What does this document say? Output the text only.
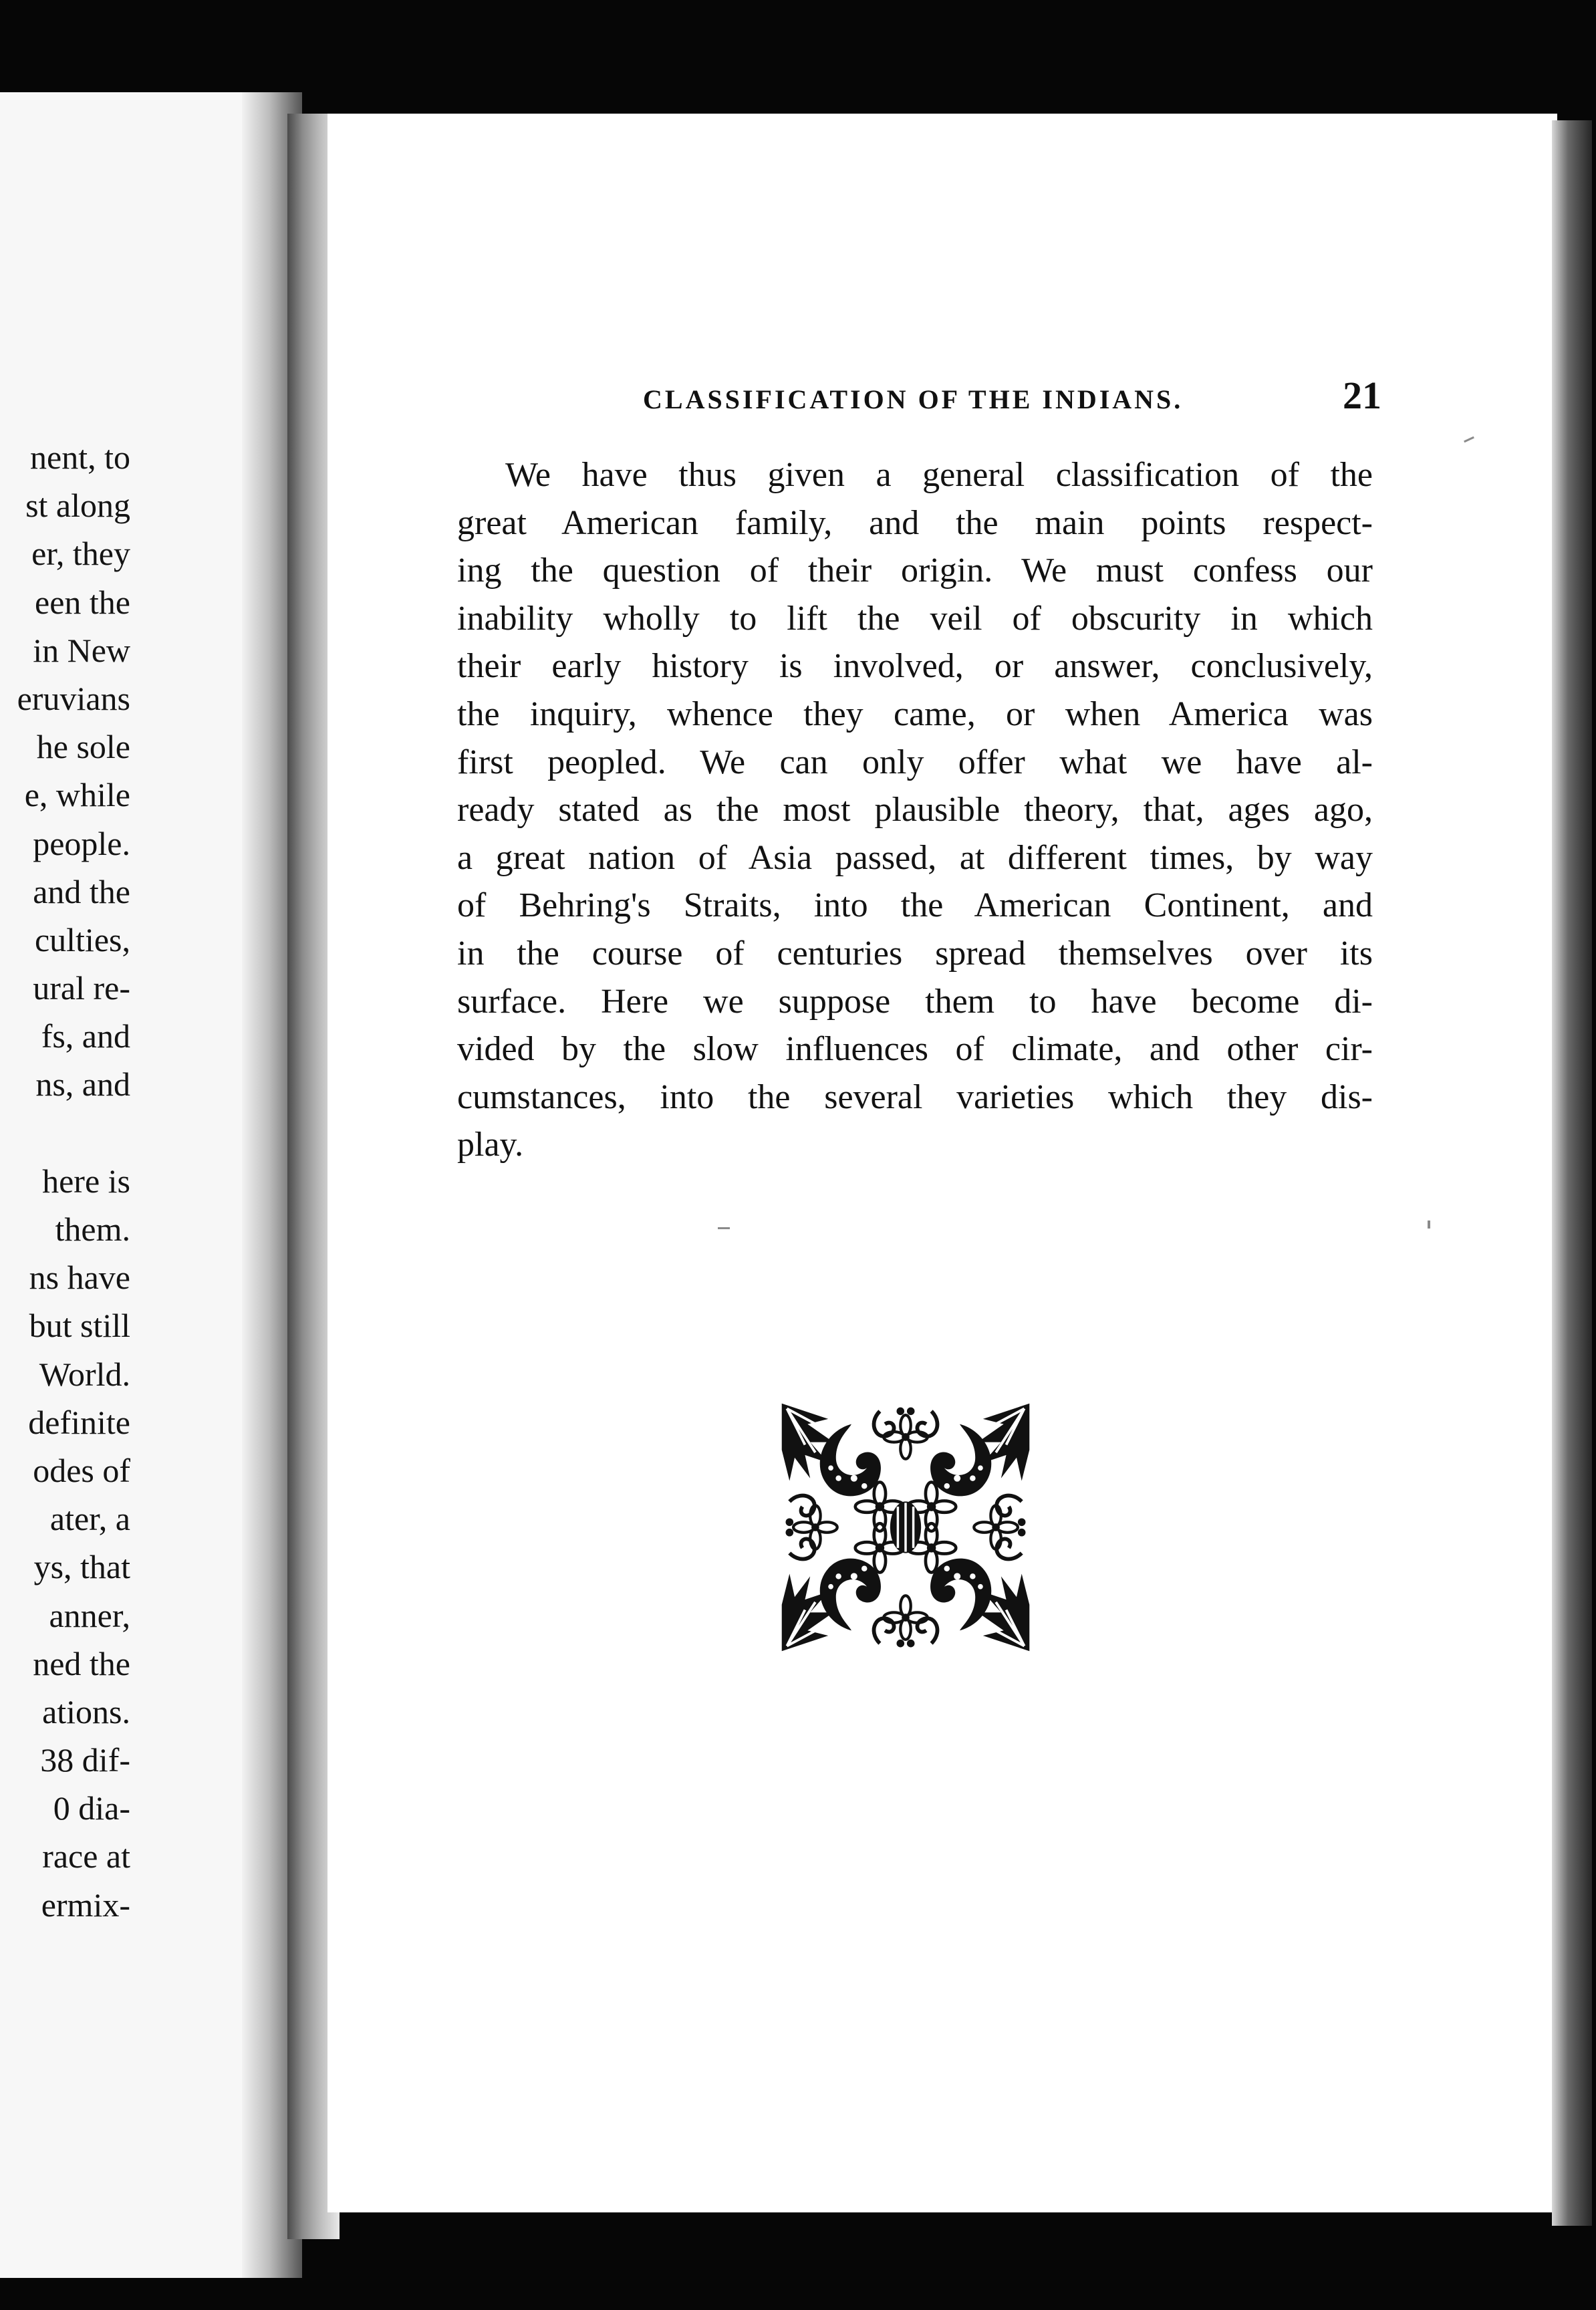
nent, to
st along
er, they
een the
in New
eruvians
he sole
e, while
people.
and the
culties,
ural re-
fs, and
ns, and
here is
them.
ns have
but still
World.
definite
odes of
ater, a
ys, that
anner,
ned the
ations.
38 dif-
0 dia-
race at
ermix-
CLASSIFICATION OF THE INDIANS.	21
We have thus given a general classification of the
great American family, and the main points respect-
ing the question of their origin. We must confess our
inability wholly to lift the veil of obscurity in which
their early history is involved, or answer, conclusively,
the inquiry, whence they came, or when America was
first peopled. We can only offer what we have al-
ready stated as the most plausible theory, that, ages ago,
a great nation of Asia passed, at different times, by way
of Behring's Straits, into the American Continent, and
in the course of centuries spread themselves over its
surface. Here we suppose them to have become di-
vided by the slow influences of climate, and other cir-
cumstances, into the several varieties which they dis-
play.
